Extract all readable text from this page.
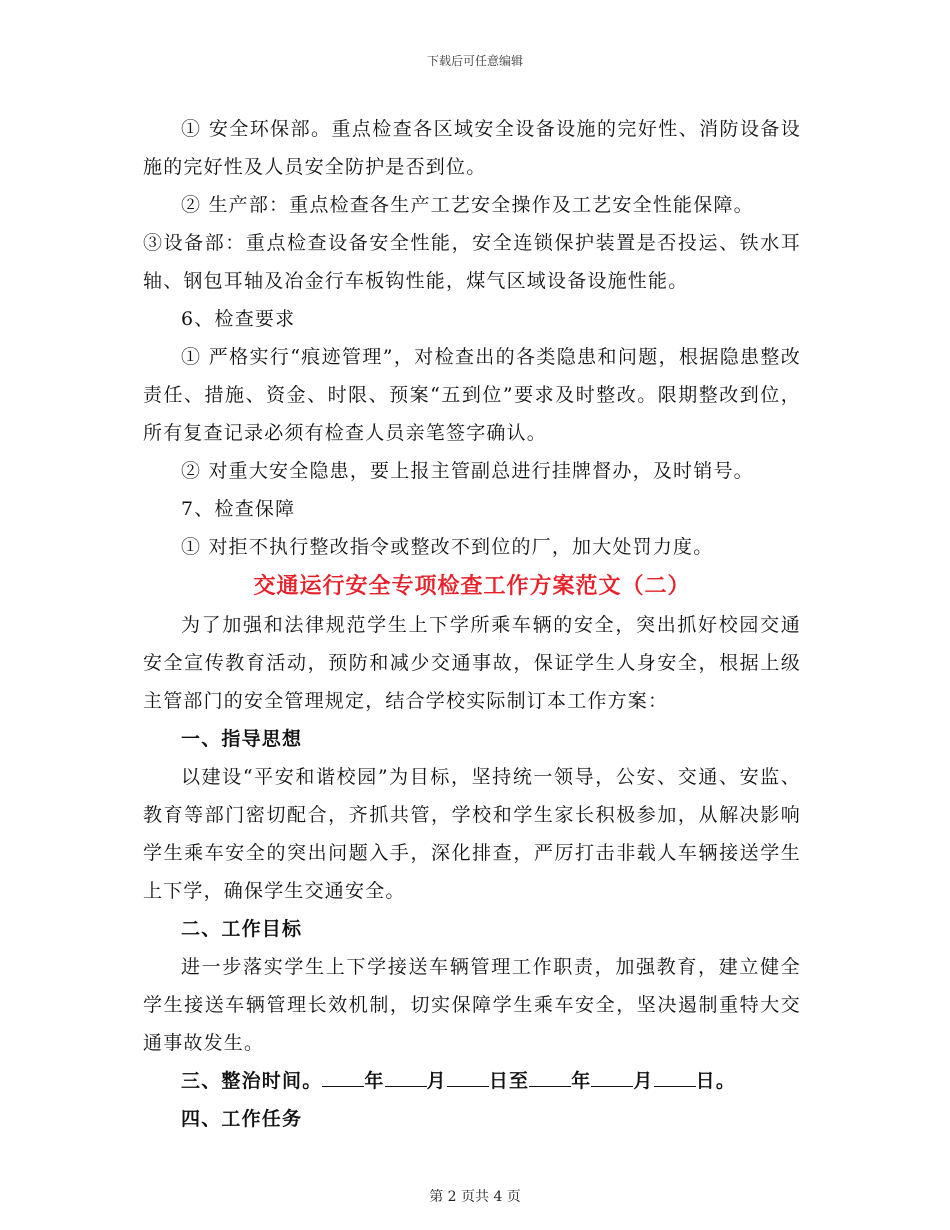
下载后可任意编辑

① 安全环保部。重点检查各区域安全设备设施的完好性、消防设备设施的完好性及人员安全防护是否到位。

② 生产部：重点检查各生产工艺安全操作及工艺安全性能保障。

③设备部：重点检查设备安全性能，安全连锁保护装置是否投运、铁水耳轴、钢包耳轴及冶金行车板钩性能，煤气区域设备设施性能。

6、检查要求

① 严格实行“痕迹管理”，对检查出的各类隐患和问题，根据隐患整改责任、措施、资金、时限、预案“五到位”要求及时整改。限期整改到位，所有复查记录必须有检查人员亲笔签字确认。

② 对重大安全隐患，要上报主管副总进行挂牌督办，及时销号。

7、检查保障

① 对拒不执行整改指令或整改不到位的厂，加大处罚力度。

交通运行安全专项检查工作方案范文（二）

为了加强和法律规范学生上下学所乘车辆的安全，突出抓好校园交通安全宣传教育活动，预防和减少交通事故，保证学生人身安全，根据上级主管部门的安全管理规定，结合学校实际制订本工作方案：

一、指导思想

以建设“平安和谐校园”为目标，坚持统一领导，公安、交通、安监、教育等部门密切配合，齐抓共管，学校和学生家长积极参加，从解决影响学生乘车安全的突出问题入手，深化排查，严厉打击非载人车辆接送学生上下学，确保学生交通安全。

二、工作目标

进一步落实学生上下学接送车辆管理工作职责，加强教育，建立健全学生接送车辆管理长效机制，切实保障学生乘车安全，坚决遏制重特大交通事故发生。

三、整治时间。 年 月 日至 年 月 日。

四、工作任务

第 2 页共 4 页
